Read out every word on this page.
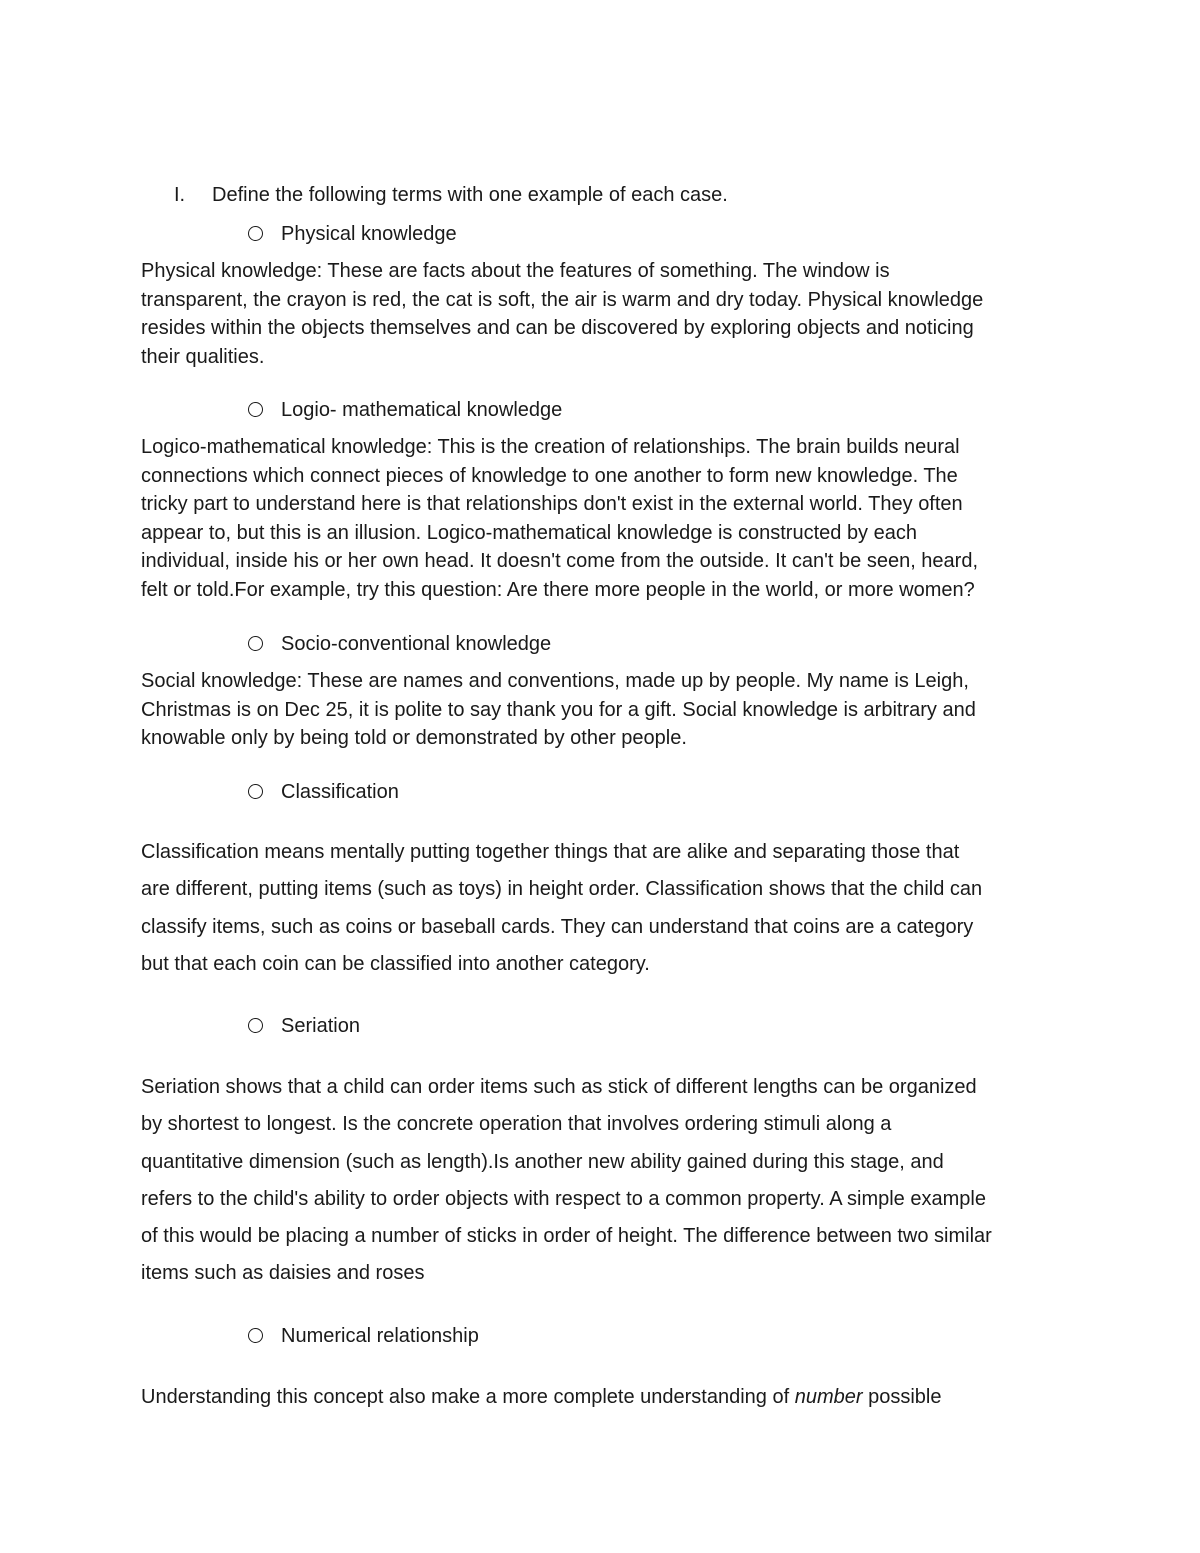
I. Define the following terms with one example of each case.
Physical knowledge
Physical knowledge: These are facts about the features of something. The window is
transparent, the crayon is red, the cat is soft, the air is warm and dry today. Physical knowledge
resides within the objects themselves and can be discovered by exploring objects and noticing
their qualities.
Logio- mathematical knowledge
Logico-mathematical knowledge: This is the creation of relationships. The brain builds neural
connections which connect pieces of knowledge to one another to form new knowledge. The
tricky part to understand here is that relationships don't exist in the external world. They often
appear to, but this is an illusion. Logico-mathematical knowledge is constructed by each
individual, inside his or her own head. It doesn't come from the outside. It can't be seen, heard,
felt or told.For example, try this question: Are there more people in the world, or more women?
Socio-conventional knowledge
Social knowledge: These are names and conventions, made up by people. My name is Leigh,
Christmas is on Dec 25, it is polite to say thank you for a gift. Social knowledge is arbitrary and
knowable only by being told or demonstrated by other people.
Classification
Classification means mentally putting together things that are alike and separating those that
are different, putting items (such as toys) in height order. Classification shows that the child can
classify items, such as coins or baseball cards. They can understand that coins are a category
but that each coin can be classified into another category.
Seriation
Seriation shows that a child can order items such as stick of different lengths can be organized
by shortest to longest. Is the concrete operation that involves ordering stimuli along a
quantitative dimension (such as length).Is another new ability gained during this stage, and
refers to the child's ability to order objects with respect to a common property. A simple example
of this would be placing a number of sticks in order of height. The difference between two similar
items such as daisies and roses
Numerical relationship
Understanding this concept also make a more complete understanding of number possible
